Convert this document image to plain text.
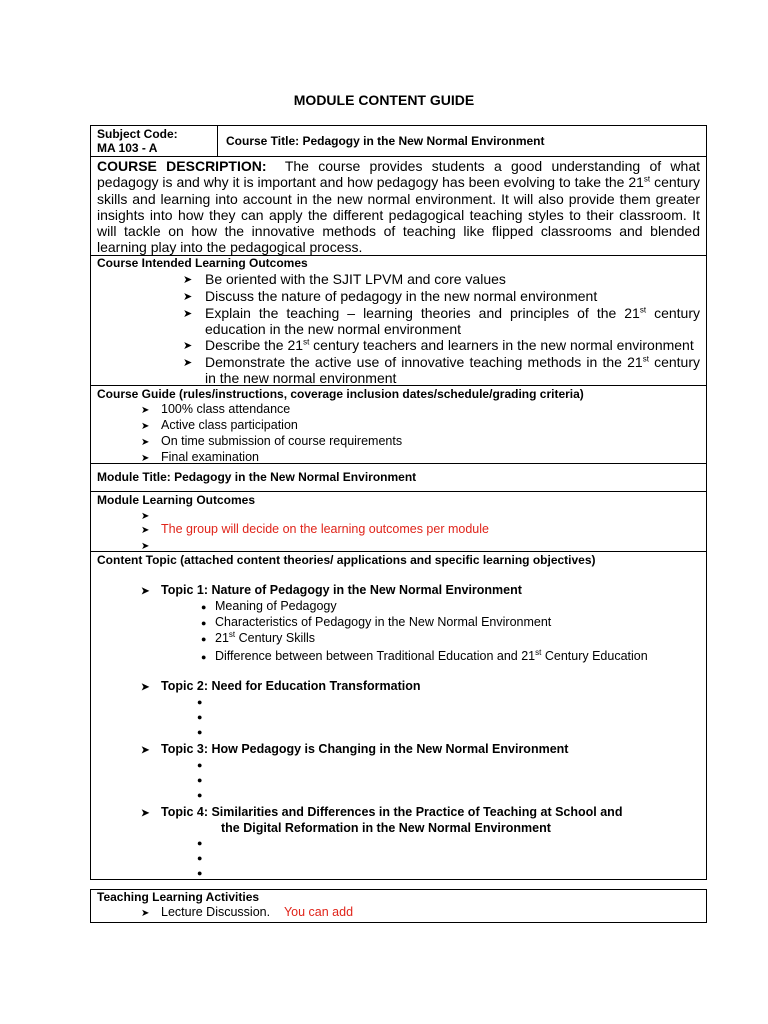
MODULE CONTENT GUIDE
Subject Code:
MA 103 - A	Course Title: Pedagogy in the New Normal Environment
COURSE DESCRIPTION: The course provides students a good understanding of what pedagogy is and why it is important and how pedagogy has been evolving to take the 21st century skills and learning into account in the new normal environment. It will also provide them greater insights into how they can apply the different pedagogical teaching styles to their classroom. It will tackle on how the innovative methods of teaching like flipped classrooms and blended learning play into the pedagogical process.
Course Intended Learning Outcomes
➤ Be oriented with the SJIT LPVM and core values
➤ Discuss the nature of pedagogy in the new normal environment
➤ Explain the teaching – learning theories and principles of the 21st century education in the new normal environment
➤ Describe the 21st century teachers and learners in the new normal environment
➤ Demonstrate the active use of innovative teaching methods in the 21st century in the new normal environment
Course Guide (rules/instructions, coverage inclusion dates/schedule/grading criteria)
➤ 100% class attendance
➤ Active class participation
➤ On time submission of course requirements
➤ Final examination
Module Title: Pedagogy in the New Normal Environment
Module Learning Outcomes
➤
➤ The group will decide on the learning outcomes per module
➤
Content Topic (attached content theories/ applications and specific learning objectives)
➤ Topic 1: Nature of Pedagogy in the New Normal Environment
● Meaning of Pedagogy
● Characteristics of Pedagogy in the New Normal Environment
● 21st Century Skills
● Difference between between Traditional Education and 21st Century Education
➤ Topic 2: Need for Education Transformation
●
●
●
➤ Topic 3: How Pedagogy is Changing in the New Normal Environment
●
●
●
➤ Topic 4: Similarities and Differences in the Practice of Teaching at School and
the Digital Reformation in the New Normal Environment
●
●
●
Teaching Learning Activities
➤ Lecture Discussion. You can add
